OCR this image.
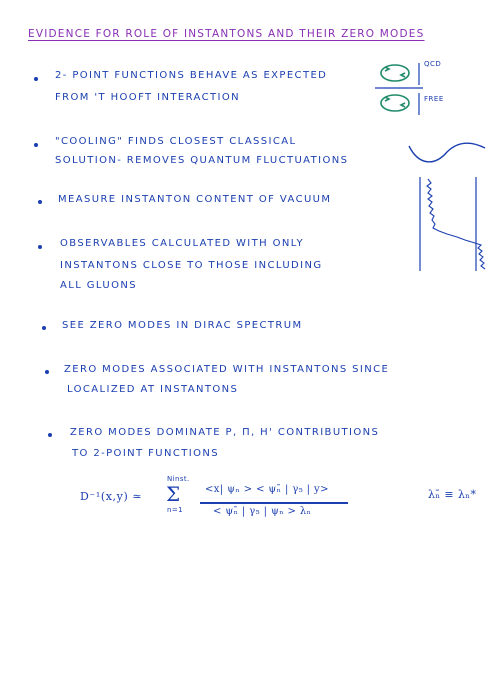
EVIDENCE FOR ROLE OF INSTANTONS AND THEIR ZERO MODES
2- POINT FUNCTIONS BEHAVE AS EXPECTED
FROM 'T HOOFT INTERACTION
"COOLING" FINDS CLOSEST CLASSICAL
SOLUTION- REMOVES QUANTUM FLUCTUATIONS
MEASURE INSTANTON CONTENT OF VACUUM
OBSERVABLES CALCULATED WITH ONLY
INSTANTONS CLOSE TO THOSE INCLUDING
ALL GLUONS
SEE ZERO MODES IN DIRAC SPECTRUM
ZERO MODES ASSOCIATED WITH INSTANTONS SINCE
LOCALIZED AT INSTANTONS
ZERO MODES DOMINATE Ρ, Π, Η' CONTRIBUTIONS
TO 2-POINT FUNCTIONS
D⁻¹(x,y) ≃
Ninst.
Σ
n=1
<x| ψₙ > < ψₙ̄ | γ₅ | y>
< ψₙ̄ | γ₅ | ψₙ > λₙ
λₙ̄ ≡ λₙ*
QCD
FREE
